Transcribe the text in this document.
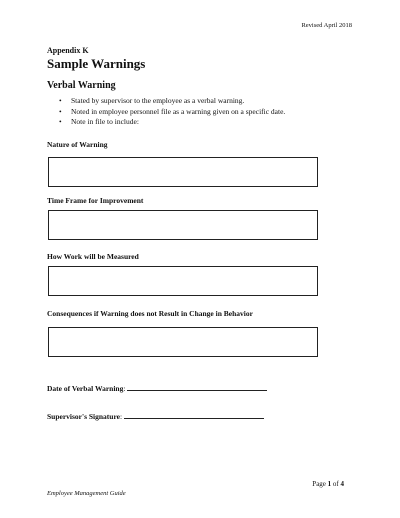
Revised April 2018
Appendix K
Sample Warnings
Verbal Warning
• Stated by supervisor to the employee as a verbal warning.
• Noted in employee personnel file as a warning given on a specific date.
• Note in file to include:
Nature of Warning
Time Frame for Improvement
How Work will be Measured
Consequences if Warning does not Result in Change in Behavior
Date of Verbal Warning:
Supervisor's Signature:
Page 1 of 4
Employee Management Guide
